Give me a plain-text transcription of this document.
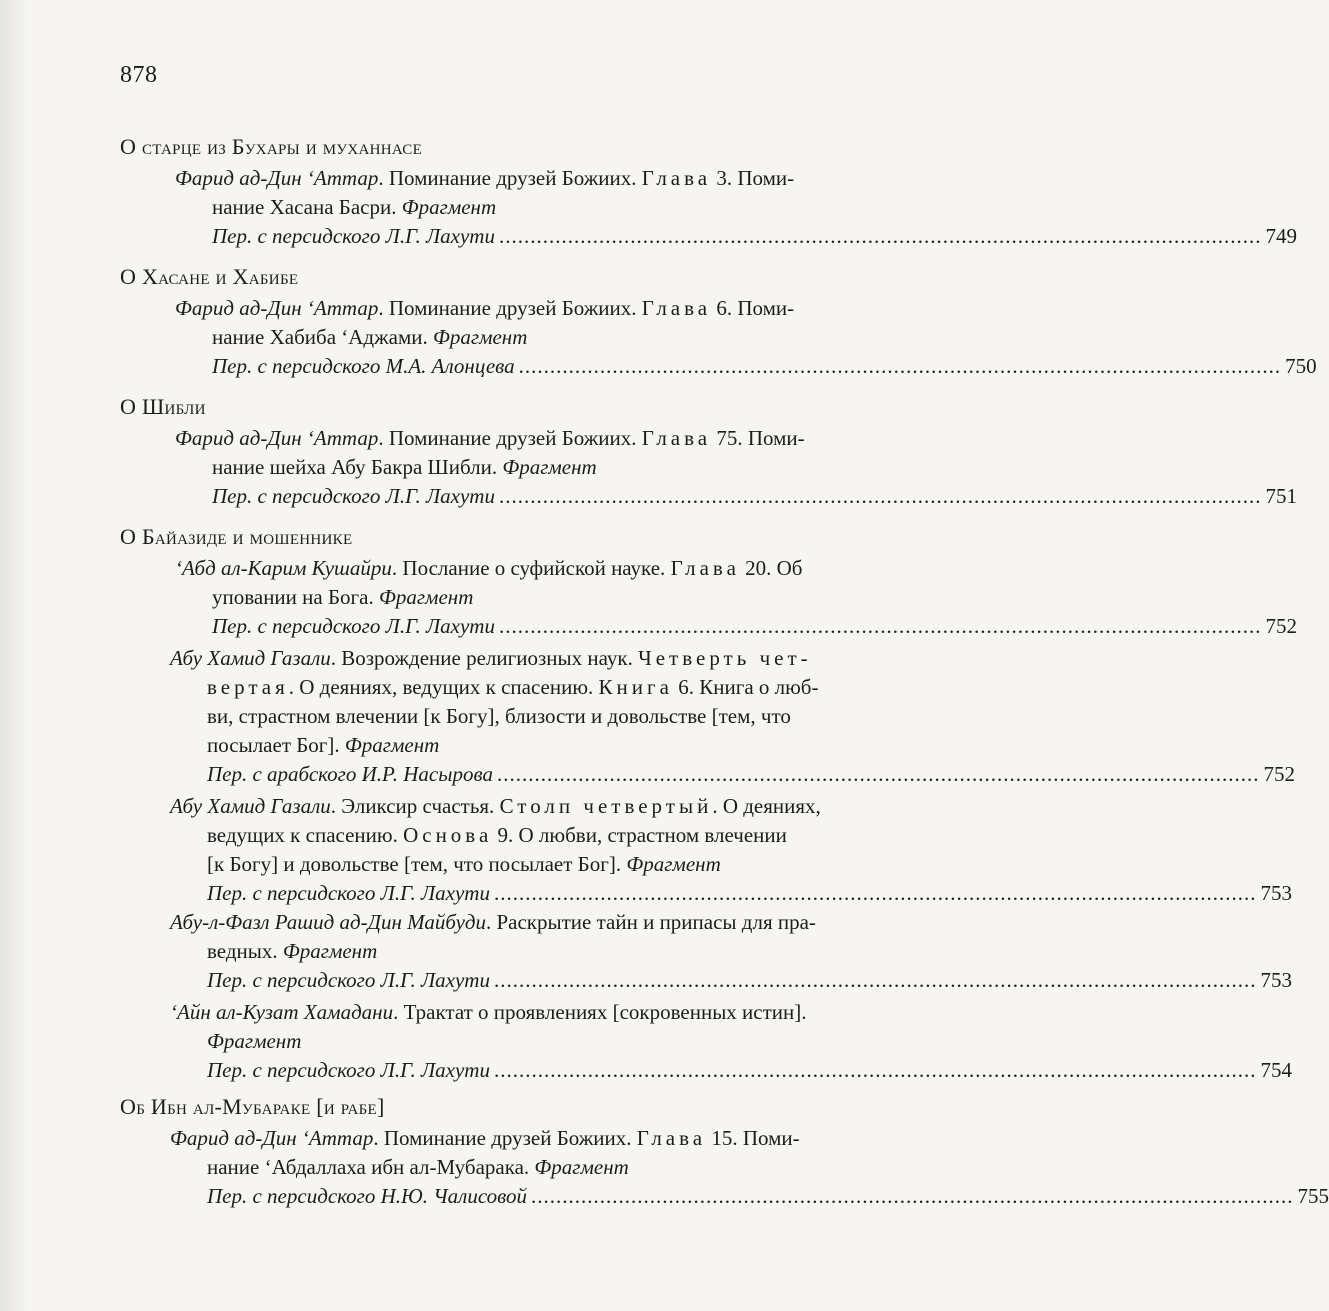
878
О старце из Бухары и муханнасе
Фарид ад-Дин ‘Аттар. Поминание друзей Божиих. Глава 3. Поми-
нание Хасана Басри. Фрагмент
Пер. с персидского Л.Г. Лахути .......................................................................................................................... 749
О Хасане и Хабибе
Фарид ад-Дин ‘Аттар. Поминание друзей Божиих. Глава 6. Поми-
нание Хабиба ‘Аджами. Фрагмент
Пер. с персидского М.А. Алонцева .......................................................................................................................... 750
О Шибли
Фарид ад-Дин ‘Аттар. Поминание друзей Божиих. Глава 75. Поми-
нание шейха Абу Бакра Шибли. Фрагмент
Пер. с персидского Л.Г. Лахути .......................................................................................................................... 751
О Байазиде и мошеннике
‘Абд ал-Карим Кушайри. Послание о суфийской науке. Глава 20. Об
уповании на Бога. Фрагмент
Пер. с персидского Л.Г. Лахути .......................................................................................................................... 752
Абу Хамид Газали. Возрождение религиозных наук. Четверть чет-
вертая. О деяниях, ведущих к спасению. Книга 6. Книга о люб-
ви, страстном влечении [к Богу], близости и довольстве [тем, что
посылает Бог]. Фрагмент
Пер. с арабского И.Р. Насырова .......................................................................................................................... 752
Абу Хамид Газали. Эликсир счастья. Столп четвертый. О деяниях,
ведущих к спасению. Основа 9. О любви, страстном влечении
[к Богу] и довольстве [тем, что посылает Бог]. Фрагмент
Пер. с персидского Л.Г. Лахути .......................................................................................................................... 753
Абу-л-Фазл Рашид ад-Дин Майбуди. Раскрытие тайн и припасы для пра-
ведных. Фрагмент
Пер. с персидского Л.Г. Лахути .......................................................................................................................... 753
‘Айн ал-Кузат Хамадани. Трактат о проявлениях [сокровенных истин].
Фрагмент
Пер. с персидского Л.Г. Лахути .......................................................................................................................... 754
Об Ибн ал-Мубараке [и рабе]
Фарид ад-Дин ‘Аттар. Поминание друзей Божиих. Глава 15. Поми-
нание ‘Абдаллаха ибн ал-Мубарака. Фрагмент
Пер. с персидского Н.Ю. Чалисовой .......................................................................................................................... 755
